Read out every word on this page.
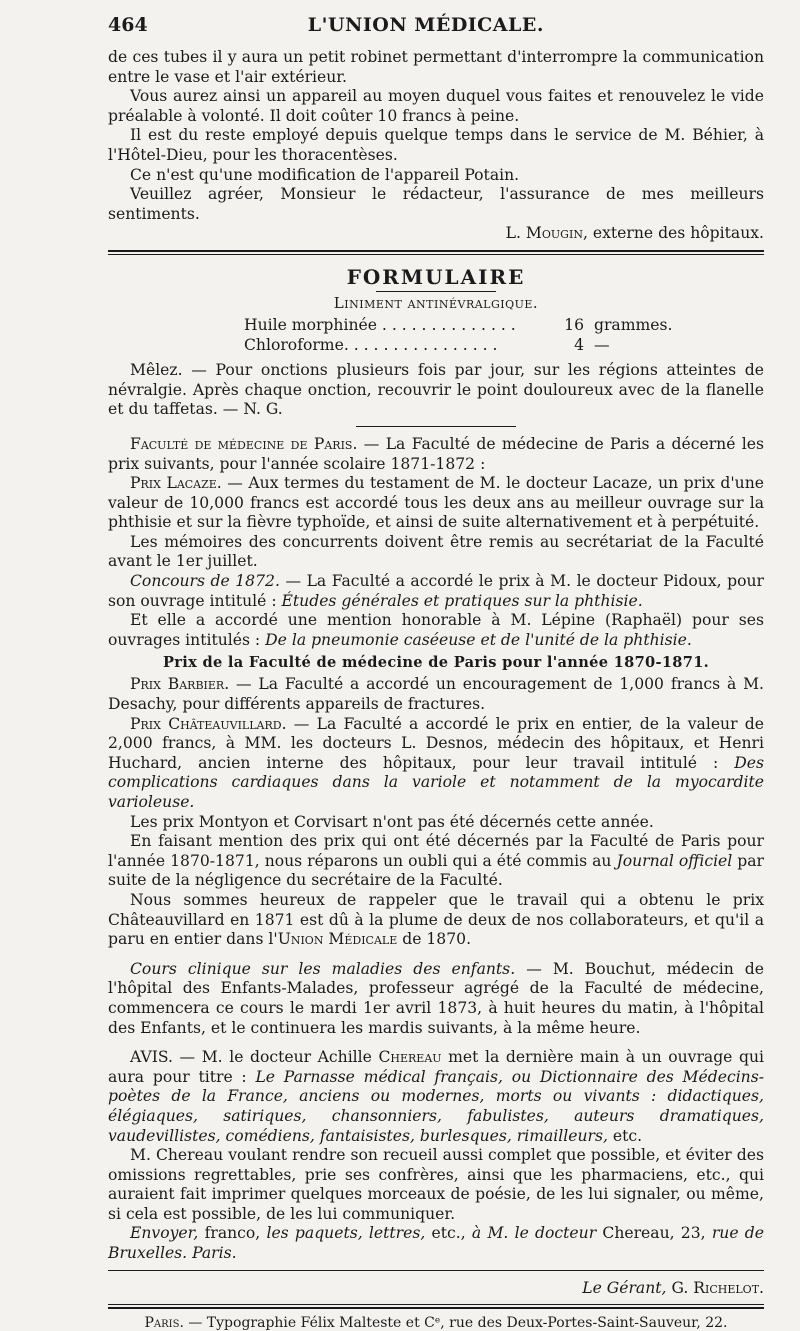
464	L'UNION MÉDICALE.

de ces tubes il y aura un petit robinet permettant d'interrompre la communication entre le vase et l'air extérieur.

Vous aurez ainsi un appareil au moyen duquel vous faites et renouvelez le vide préalable à volonté. Il doit coûter 10 francs à peine.

Il est du reste employé depuis quelque temps dans le service de M. Béhier, à l'Hôtel-Dieu, pour les thoracentèses.

Ce n'est qu'une modification de l'appareil Potain.

Veuillez agréer, Monsieur le rédacteur, l'assurance de mes meilleurs sentiments.

L. Mougin, externe des hôpitaux.

FORMULAIRE
Liniment antinévralgique.
Huile morphinée . . . . . . . . . . . . . .	16 grammes.
Chloroforme. . . . . . . . . . . . . . . .	4 —

Mêlez. — Pour onctions plusieurs fois par jour, sur les régions atteintes de névralgie. Après chaque onction, recouvrir le point douloureux avec de la flanelle et du taffetas. — N. G.

Faculté de médecine de Paris. — La Faculté de médecine de Paris a décerné les prix suivants, pour l'année scolaire 1871-1872 :

Prix Lacaze. — Aux termes du testament de M. le docteur Lacaze, un prix d'une valeur de 10,000 francs est accordé tous les deux ans au meilleur ouvrage sur la phthisie et sur la fièvre typhoïde, et ainsi de suite alternativement et à perpétuité.

Les mémoires des concurrents doivent être remis au secrétariat de la Faculté avant le 1er juillet.

Concours de 1872. — La Faculté a accordé le prix à M. le docteur Pidoux, pour son ouvrage intitulé : Études générales et pratiques sur la phthisie.

Et elle a accordé une mention honorable à M. Lépine (Raphaël) pour ses ouvrages intitulés : De la pneumonie caséeuse et de l'unité de la phthisie.

Prix de la Faculté de médecine de Paris pour l'année 1870-1871.

Prix Barbier. — La Faculté a accordé un encouragement de 1,000 francs à M. Desachy, pour différents appareils de fractures.

Prix Châteauvillard. — La Faculté a accordé le prix en entier, de la valeur de 2,000 francs, à MM. les docteurs L. Desnos, médecin des hôpitaux, et Henri Huchard, ancien interne des hôpitaux, pour leur travail intitulé : Des complications cardiaques dans la variole et notamment de la myocardite varioleuse.

Les prix Montyon et Corvisart n'ont pas été décernés cette année.

En faisant mention des prix qui ont été décernés par la Faculté de Paris pour l'année 1870-1871, nous réparons un oubli qui a été commis au Journal officiel par suite de la négligence du secrétaire de la Faculté.

Nous sommes heureux de rappeler que le travail qui a obtenu le prix Châteauvillard en 1871 est dû à la plume de deux de nos collaborateurs, et qu'il a paru en entier dans l'Union Médicale de 1870.

Cours clinique sur les maladies des enfants. — M. Bouchut, médecin de l'hôpital des Enfants-Malades, professeur agrégé de la Faculté de médecine, commencera ce cours le mardi 1er avril 1873, à huit heures du matin, à l'hôpital des Enfants, et le continuera les mardis suivants, à la même heure.

AVIS. — M. le docteur Achille Chereau met la dernière main à un ouvrage qui aura pour titre : Le Parnasse médical français, ou Dictionnaire des Médecins-poètes de la France, anciens ou modernes, morts ou vivants : didactiques, élégiaques, satiriques, chansonniers, fabulistes, auteurs dramatiques, vaudevillistes, comédiens, fantaisistes, burlesques, rimailleurs, etc.

M. Chereau voulant rendre son recueil aussi complet que possible, et éviter des omissions regrettables, prie ses confrères, ainsi que les pharmaciens, etc., qui auraient fait imprimer quelques morceaux de poésie, de les lui signaler, ou même, si cela est possible, de les lui communiquer.

Envoyer, franco, les paquets, lettres, etc., à M. le docteur Chereau, 23, rue de Bruxelles. Paris.

Le Gérant, G. Richelot.

Paris. — Typographie Félix Malteste et Cᵉ, rue des Deux-Portes-Saint-Sauveur, 22.
